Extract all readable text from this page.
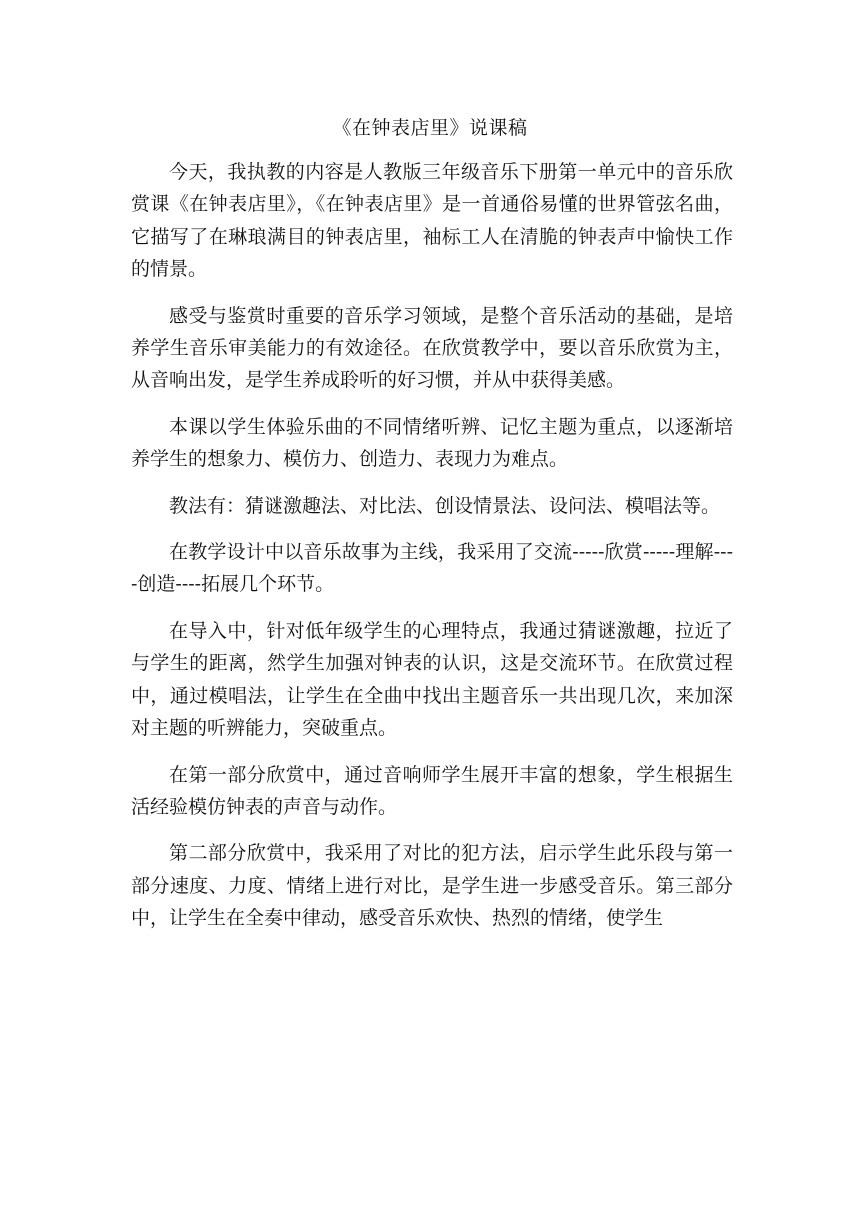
《在钟表店里》说课稿

今天，我执教的内容是人教版三年级音乐下册第一单元中的音乐欣赏课《在钟表店里》，《在钟表店里》是一首通俗易懂的世界管弦名曲，它描写了在琳琅满目的钟表店里，袖标工人在清脆的钟表声中愉快工作的情景。

感受与鉴赏时重要的音乐学习领域，是整个音乐活动的基础，是培养学生音乐审美能力的有效途径。在欣赏教学中，要以音乐欣赏为主，从音响出发，是学生养成聆听的好习惯，并从中获得美感。

本课以学生体验乐曲的不同情绪听辨、记忆主题为重点，以逐渐培养学生的想象力、模仿力、创造力、表现力为难点。

教法有：猜谜激趣法、对比法、创设情景法、设问法、模唱法等。

在教学设计中以音乐故事为主线，我采用了交流-----欣赏-----理解----创造----拓展几个环节。

在导入中，针对低年级学生的心理特点，我通过猜谜激趣，拉近了与学生的距离，然学生加强对钟表的认识，这是交流环节。在欣赏过程中，通过模唱法，让学生在全曲中找出主题音乐一共出现几次，来加深对主题的听辨能力，突破重点。

在第一部分欣赏中，通过音响师学生展开丰富的想象，学生根据生活经验模仿钟表的声音与动作。

第二部分欣赏中，我采用了对比的犯方法，启示学生此乐段与第一部分速度、力度、情绪上进行对比，是学生进一步感受音乐。第三部分中，让学生在全奏中律动，感受音乐欢快、热烈的情绪，使学生
